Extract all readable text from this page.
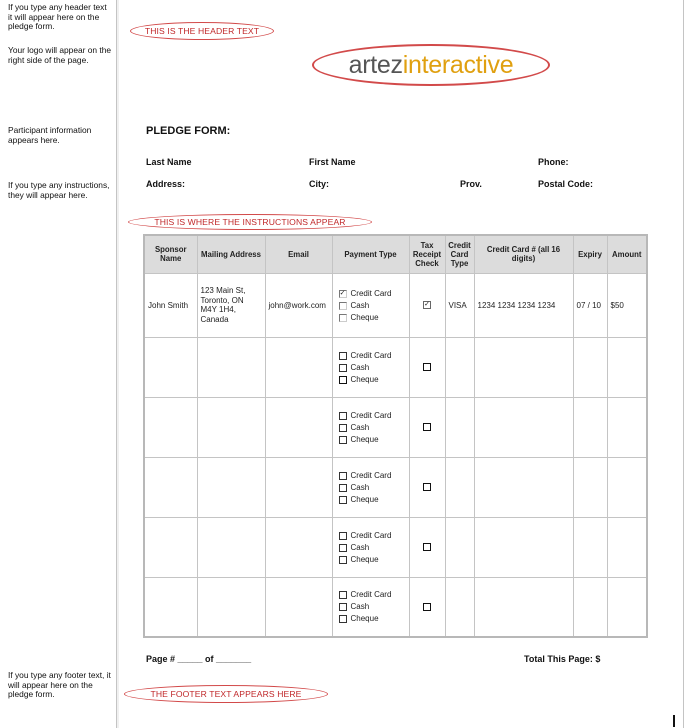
If you type any header text it will appear here on the pledge form.
Your logo will appear on the right side of the page.
Participant information appears here.
If you type any instructions, they will appear here.
If you type any footer text, it will appear here on the pledge form.
THIS IS THE HEADER TEXT
artez interactive
PLEDGE FORM:
Last Name	First Name	Phone:
Address:	City:	Prov.	Postal Code:
THIS IS WHERE THE INSTRUCTIONS APPEAR
Sponsor Name	Mailing Address	Email	Payment Type	Tax Receipt Check	Credit Card Type	Credit Card # (all 16 digits)	Expiry	Amount
John Smith	123 Main St, Toronto, ON M4Y 1H4, Canada	john@work.com	✓ Credit Card
Cash
Cheque	✓	VISA	1234 1234 1234 1234	07 / 10	$50

			Credit Card
Cash
Cheque					

			Credit Card
Cash
Cheque					

			Credit Card
Cash
Cheque					

			Credit Card
Cash
Cheque					

			Credit Card
Cash
Cheque					

Page # _____ of _______	Total This Page: $
THE FOOTER TEXT APPEARS HERE
